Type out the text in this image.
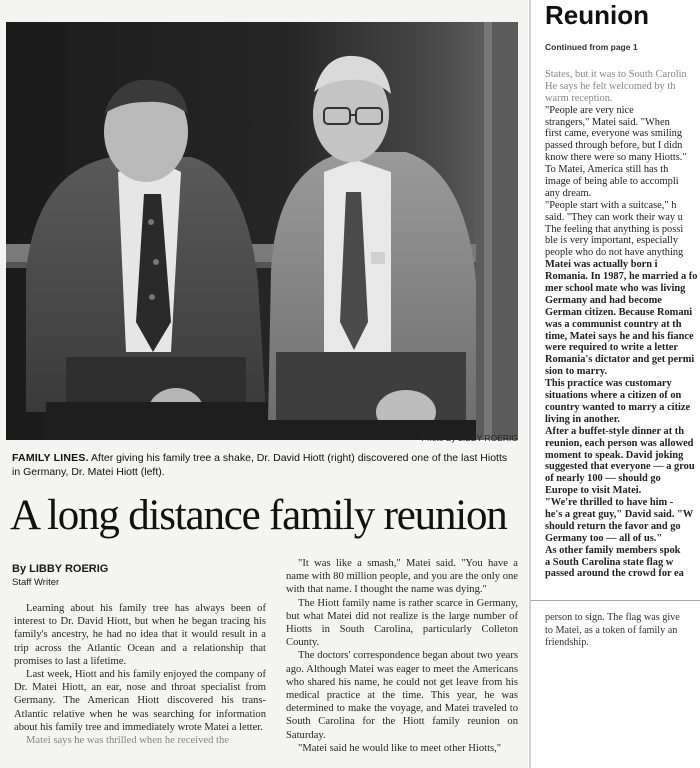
Photo By LIBBY ROERIG
FAMILY LINES. After giving his family tree a shake, Dr. David Hiott (right) discovered one of the last Hiotts in Germany, Dr. Matei Hiott (left).
A long distance family reunion
By LIBBY ROERIG
Staff Writer

Learning about his family tree has always been of interest to Dr. David Hiott, but when he began tracing his family's ancestry, he had no idea that it would result in a trip across the Atlantic Ocean and a relationship that promises to last a lifetime.

Last week, Hiott and his family enjoyed the company of Dr. Matei Hiott, an ear, nose and throat specialist from Germany. The American Hiott discovered his trans-Atlantic relative when he was searching for information about his family tree and immediately wrote Matei a letter.

Matei says he was thrilled when he received the

"It was like a smash," Matei said. "You have a name with 80 million people, and you are the only one with that name. I thought the name was dying."

The Hiott family name is rather scarce in Germany, but what Matei did not realize is the large number of Hiotts in South Carolina, particularly Colleton County.

The doctors' correspondence began about two years ago. Although Matei was eager to meet the Americans who shared his name, he could not get leave from his medical practice at the time. This year, he was determined to make the voyage, and Matei traveled to South Carolina for the Hiott family reunion on Saturday.

"Matei said he would like to meet other Hiotts,"

Reunion
Continued from page 1
States, but it was to South Carolin
He says he felt welcomed by th
warm reception.
"People are very nice
strangers," Matei said. "When
first came, everyone was smiling
passed through before, but I didn
know there were so many Hiotts."
To Matei, America still has th
image of being able to accompli
any dream.
"People start with a suitcase," h
said. "They can work their way u
The feeling that anything is possi
ble is very important, especially
people who do not have anything
Matei was actually born i
Romania. In 1987, he married a fo
mer school mate who was living
Germany and had become
German citizen. Because Romani
was a communist country at th
time, Matei says he and his fiance
were required to write a letter
Romania's dictator and get permi
sion to marry.
This practice was customary
situations where a citizen of on
country wanted to marry a citize
living in another.
After a buffet-style dinner at th
reunion, each person was allowed
moment to speak. David joking
suggested that everyone — a grou
of nearly 100 — should go
Europe to visit Matei.
"We're thrilled to have him -
he's a great guy," David said. "W
should return the favor and go
Germany too — all of us."
As other family members spok
a South Carolina state flag w
passed around the crowd for ea
person to sign. The flag was give
to Matei, as a token of family an
friendship.
